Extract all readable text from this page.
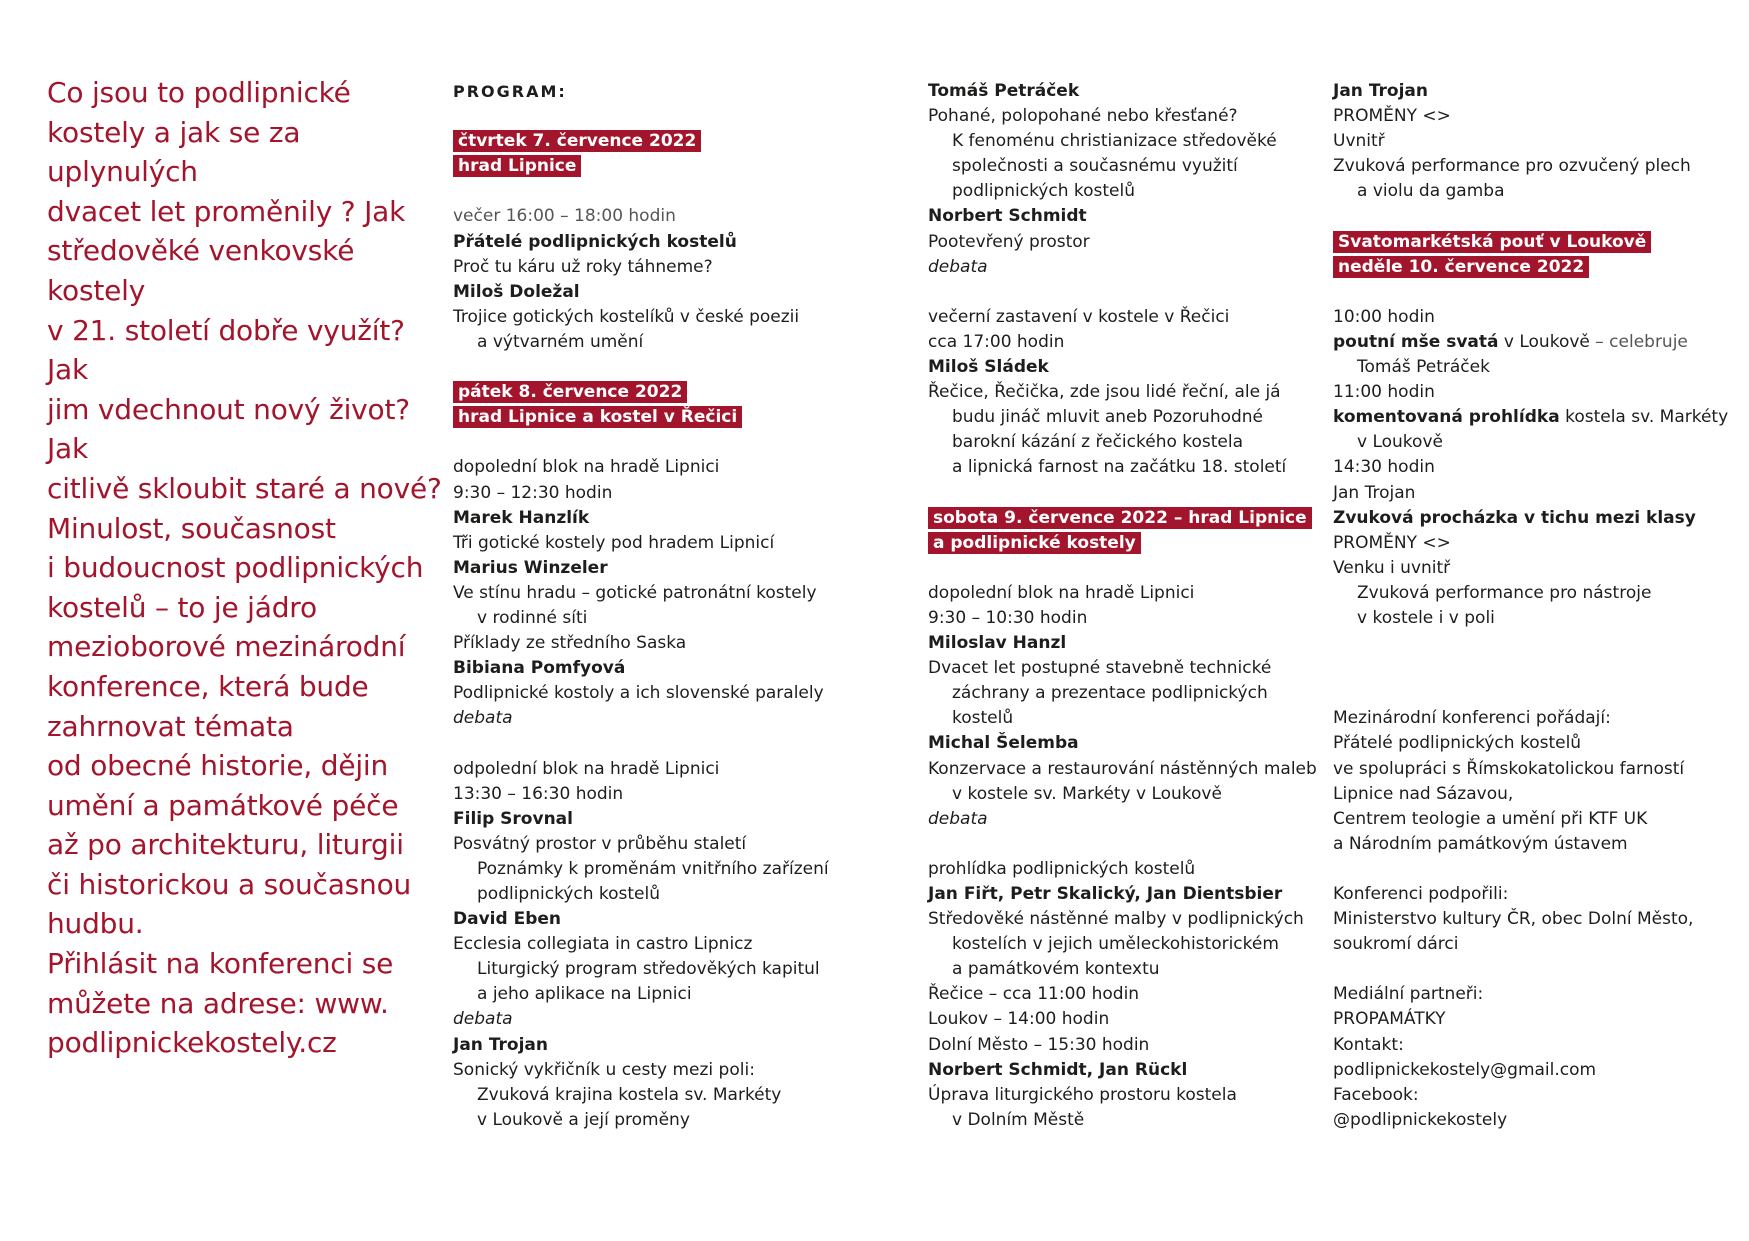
Co jsou to podlipnické
kostely a jak se za uplynulých
dvacet let proměnily ? Jak
středověké venkovské kostely
v 21. století dobře využít? Jak
jim vdechnout nový život? Jak
citlivě skloubit staré a nové?
Minulost, současnost
i budoucnost podlipnických
kostelů – to je jádro
mezioborové mezinárodní
konference, která bude
zahrnovat témata
od obecné historie, dějin
umění a památkové péče
až po architekturu, liturgii
či historickou a současnou
hudbu.
Přihlásit na konferenci se
můžete na adrese: www.
podlipnickekostely.cz
PROGRAM:
čtvrtek 7. července 2022
hrad Lipnice
večer 16:00 – 18:00 hodin
Přátelé podlipnických kostelů
Proč tu káru už roky táhneme?
Miloš Doležal
Trojice gotických kostelíků v české poezii
a výtvarném umění
pátek 8. července 2022
hrad Lipnice a kostel v Řečici
dopolední blok na hradě Lipnici
9:30 – 12:30 hodin
Marek Hanzlík
Tři gotické kostely pod hradem Lipnicí
Marius Winzeler
Ve stínu hradu – gotické patronátní kostely
v rodinné síti
Příklady ze středního Saska
Bibiana Pomfyová
Podlipnické kostoly a ich slovenské paralely
debata
odpolední blok na hradě Lipnici
13:30 – 16:30 hodin
Filip Srovnal
Posvátný prostor v průběhu staletí
Poznámky k proměnám vnitřního zařízení
podlipnických kostelů
David Eben
Ecclesia collegiata in castro Lipnicz
Liturgický program středověkých kapitul
a jeho aplikace na Lipnici
debata
Jan Trojan
Sonický vykřičník u cesty mezi poli:
Zvuková krajina kostela sv. Markéty
v Loukově a její proměny
Tomáš Petráček
Pohané, polopohané nebo křesťané?
K fenoménu christianizace středověké
společnosti a současnému využití
podlipnických kostelů
Norbert Schmidt
Pootevřený prostor
debata
večerní zastavení v kostele v Řečici
cca 17:00 hodin
Miloš Sládek
Řečice, Řečička, zde jsou lidé řeční, ale já
budu jináč mluvit aneb Pozoruhodné
barokní kázání z řečického kostela
a lipnická farnost na začátku 18. století
sobota 9. července 2022 – hrad Lipnice
a podlipnické kostely
dopolední blok na hradě Lipnici
9:30 – 10:30 hodin
Miloslav Hanzl
Dvacet let postupné stavebně technické
záchrany a prezentace podlipnických
kostelů
Michal Šelemba
Konzervace a restaurování nástěnných maleb
v kostele sv. Markéty v Loukově
debata
prohlídka podlipnických kostelů
Jan Fiřt, Petr Skalický, Jan Dientsbier
Středověké nástěnné malby v podlipnických
kostelích v jejich uměleckohistorickém
a památkovém kontextu
Řečice – cca 11:00 hodin
Loukov – 14:00 hodin
Dolní Město – 15:30 hodin
Norbert Schmidt, Jan Rückl
Úprava liturgického prostoru kostela
v Dolním Městě
Jan Trojan
PROMĚNY <>
Uvnitř
Zvuková performance pro ozvučený plech
a violu da gamba
Svatomarkétská pouť v Loukově
neděle 10. července 2022
10:00 hodin
poutní mše svatá v Loukově – celebruje
Tomáš Petráček
11:00 hodin
komentovaná prohlídka kostela sv. Markéty
v Loukově
14:30 hodin
Jan Trojan
Zvuková procházka v tichu mezi klasy
PROMĚNY <>
Venku i uvnitř
Zvuková performance pro nástroje
v kostele i v poli
Mezinárodní konferenci pořádají:
Přátelé podlipnických kostelů
ve spolupráci s Římskokatolickou farností
Lipnice nad Sázavou,
Centrem teologie a umění při KTF UK
a Národním památkovým ústavem
Konferenci podpořili:
Ministerstvo kultury ČR, obec Dolní Město,
soukromí dárci
Mediální partneři:
PROPAMÁTKY
Kontakt:
podlipnickekostely@gmail.com
Facebook:
@podlipnickekostely
